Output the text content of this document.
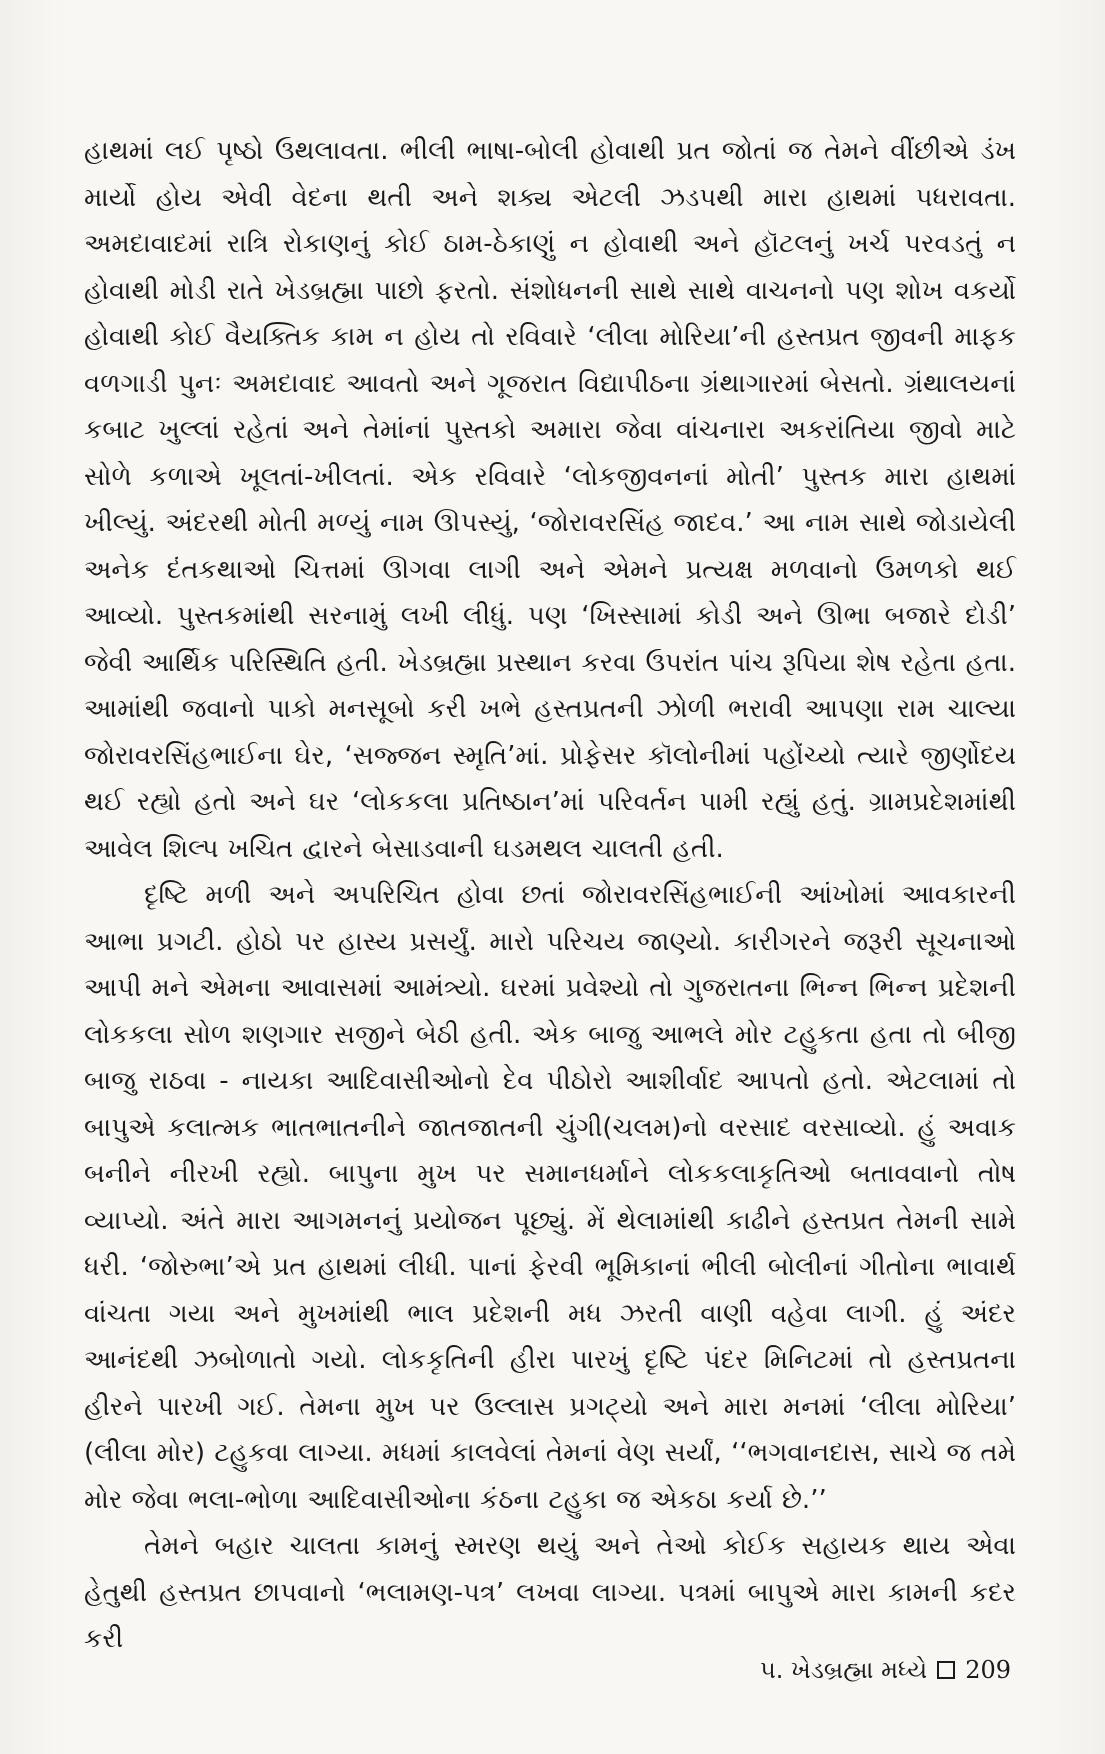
હાથમાં લઈ પૃષ્ઠો ઉથલાવતા. ભીલી ભાષા-બોલી હોવાથી પ્રત જોતાં જ તેમને વીંછીએ ડંખ માર્યો હોય એવી વેદના થતી અને શક્ય એટલી ઝડપથી મારા હાથમાં પધરાવતા. અમદાવાદમાં રાત્રિ રોકાણનું કોઈ ઠામ-ઠેકાણું ન હોવાથી અને હૉટલનું ખર્ચ પરવડતું ન હોવાથી મોડી રાતે ખેડબ્રહ્મા પાછો ફરતો. સંશોધનની સાથે સાથે વાચનનો પણ શોખ વકર્યો હોવાથી કોઈ વૈયક્તિક કામ ન હોય તો રવિવારે ‘લીલા મોરિયા’ની હસ્તપ્રત જીવની માફક વળગાડી પુનઃ અમદાવાદ આવતો અને ગૂજરાત વિદ્યાપીઠના ગ્રંથાગારમાં બેસતો. ગ્રંથાલયનાં કબાટ ખુલ્લાં રહેતાં અને તેમાંનાં પુસ્તકો અમારા જેવા વાંચનારા અકરાંતિયા જીવો માટે સોળે કળાએ ખૂલતાં-ખીલતાં. એક રવિવારે ‘લોકજીવનનાં મોતી’ પુસ્તક મારા હાથમાં ખીલ્યું. અંદરથી મોતી મળ્યું નામ ઊપસ્યું, ‘જોરાવરસિંહ જાદવ.’ આ નામ સાથે જોડાયેલી અનેક દંતકથાઓ ચિત્તમાં ઊગવા લાગી અને એમને પ્રત્યક્ષ મળવાનો ઉમળકો થઈ આવ્યો. પુસ્તકમાંથી સરનામું લખી લીધું. પણ ‘ખિસ્સામાં કોડી અને ઊભા બજારે દોડી’ જેવી આર્થિક પરિસ્થિતિ હતી. ખેડબ્રહ્મા પ્રસ્થાન કરવા ઉપરાંત પાંચ રૂપિયા શેષ રહેતા હતા. આમાંથી જવાનો પાકો મનસૂબો કરી ખભે હસ્તપ્રતની ઝોળી ભરાવી આપણા રામ ચાલ્યા જોરાવરસિંહભાઈના ઘેર, ‘સજ્જન સ્મૃતિ’માં. પ્રોફેસર કૉલોનીમાં પહોંચ્યો ત્યારે જીર્ણોદય થઈ રહ્યો હતો અને ઘર ‘લોકકલા પ્રતિષ્ઠાન’માં પરિવર્તન પામી રહ્યું હતું. ગ્રામપ્રદેશમાંથી આવેલ શિલ્પ ખચિત દ્વારને બેસાડવાની ઘડમથલ ચાલતી હતી.

દૃષ્ટિ મળી અને અપરિચિત હોવા છતાં જોરાવરસિંહભાઈની આંખોમાં આવકારની આભા પ્રગટી. હોઠો પર હાસ્ય પ્રસર્યું. મારો પરિચય જાણ્યો. કારીગરને જરૂરી સૂચનાઓ આપી મને એમના આવાસમાં આમંત્ર્યો. ઘરમાં પ્રવેશ્યો તો ગુજરાતના ભિન્ન ભિન્ન પ્રદેશની લોકકલા સોળ શણગાર સજીને બેઠી હતી. એક બાજુ આભલે મોર ટહુકતા હતા તો બીજી બાજુ રાઠવા - નાયકા આદિવાસીઓનો દેવ પીઠોરો આશીર્વાદ આપતો હતો. એટલામાં તો બાપુએ કલાત્મક ભાતભાતનીને જાતજાતની ચુંગી(ચલમ)નો વરસાદ વરસાવ્યો. હું અવાક બનીને નીરખી રહ્યો. બાપુના મુખ પર સમાનધર્માને લોકકલાકૃતિઓ બતાવવાનો તોષ વ્યાપ્યો. અંતે મારા આગમનનું પ્રયોજન પૂછ્યું. મેં થેલામાંથી કાઢીને હસ્તપ્રત તેમની સામે ધરી. ‘જોરુભા’એ પ્રત હાથમાં લીધી. પાનાં ફેરવી ભૂમિકાનાં ભીલી બોલીનાં ગીતોના ભાવાર્થ વાંચતા ગયા અને મુખમાંથી ભાલ પ્રદેશની મધ ઝરતી વાણી વહેવા લાગી. હું અંદર આનંદથી ઝબોળાતો ગયો. લોકકૃતિની હીરા પારખું દૃષ્ટિ પંદર મિનિટમાં તો હસ્તપ્રતના હીરને પારખી ગઈ. તેમના મુખ પર ઉલ્લાસ પ્રગટ્યો અને મારા મનમાં ‘લીલા મોરિયા’ (લીલા મોર) ટહુકવા લાગ્યા. મધમાં કાલવેલાં તેમનાં વેણ સર્યાં, ‘‘ભગવાનદાસ, સાચે જ તમે મોર જેવા ભલા-ભોળા આદિવાસીઓના કંઠના ટહુકા જ એકઠા કર્યા છે.’’

તેમને બહાર ચાલતા કામનું સ્મરણ થયું અને તેઓ કોઈક સહાયક થાય એવા હેતુથી હસ્તપ્રત છાપવાનો ‘ભલામણ-પત્ર’ લખવા લાગ્યા. પત્રમાં બાપુએ મારા કામની કદર કરી

૫. ખેડબ્રહ્મા મધ્યે 209
